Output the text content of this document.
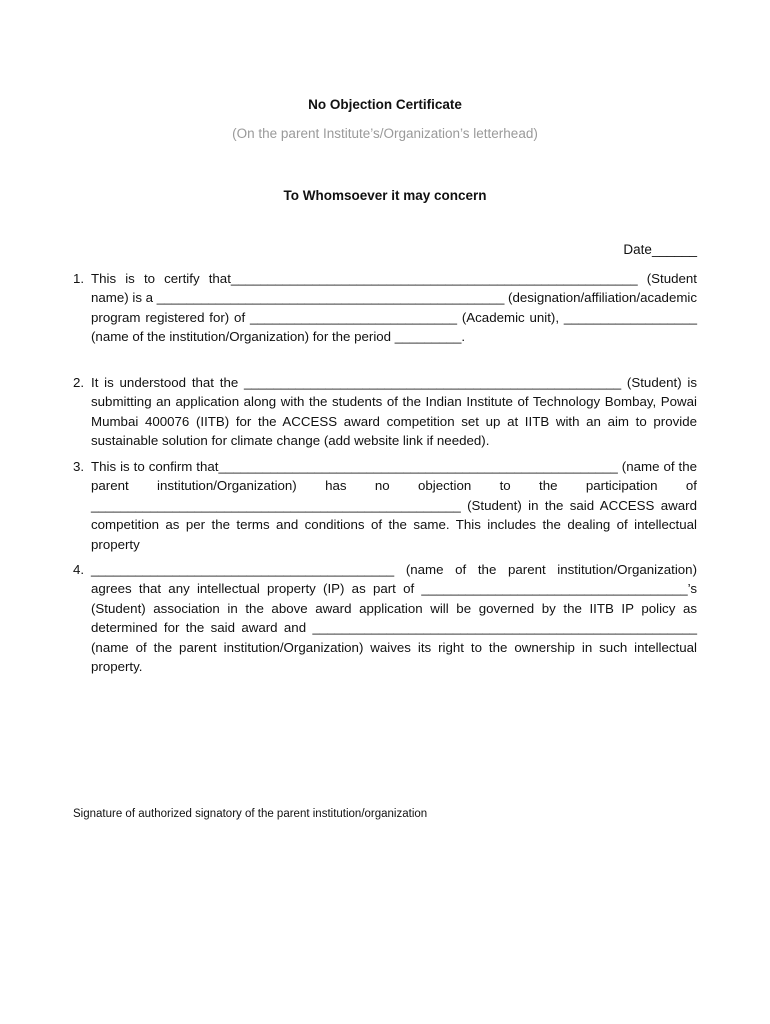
No Objection Certificate
(On the parent Institute’s/Organization’s letterhead)
To Whomsoever it may concern
Date______
1. This is to certify that_______________________________________________________ (Student name) is a _______________________________________________ (designation/affiliation/academic program registered for) of ____________________________ (Academic unit), __________________ (name of the institution/Organization) for the period _________.
2. It is understood that the ___________________________________________________ (Student) is submitting an application along with the students of the Indian Institute of Technology Bombay, Powai Mumbai 400076 (IITB) for the ACCESS award competition set up at IITB with an aim to provide sustainable solution for climate change (add website link if needed).
3. This is to confirm that______________________________________________________ (name of the parent institution/Organization) has no objection to the participation of __________________________________________________ (Student) in the said ACCESS award competition as per the terms and conditions of the same. This includes the dealing of intellectual property
4. _________________________________________ (name of the parent institution/Organization) agrees that any intellectual property (IP) as part of ____________________________________’s (Student) association in the above award application will be governed by the IITB IP policy as determined for the said award and ____________________________________________________ (name of the parent institution/Organization) waives its right to the ownership in such intellectual property.
Signature of authorized signatory of the parent institution/organization
